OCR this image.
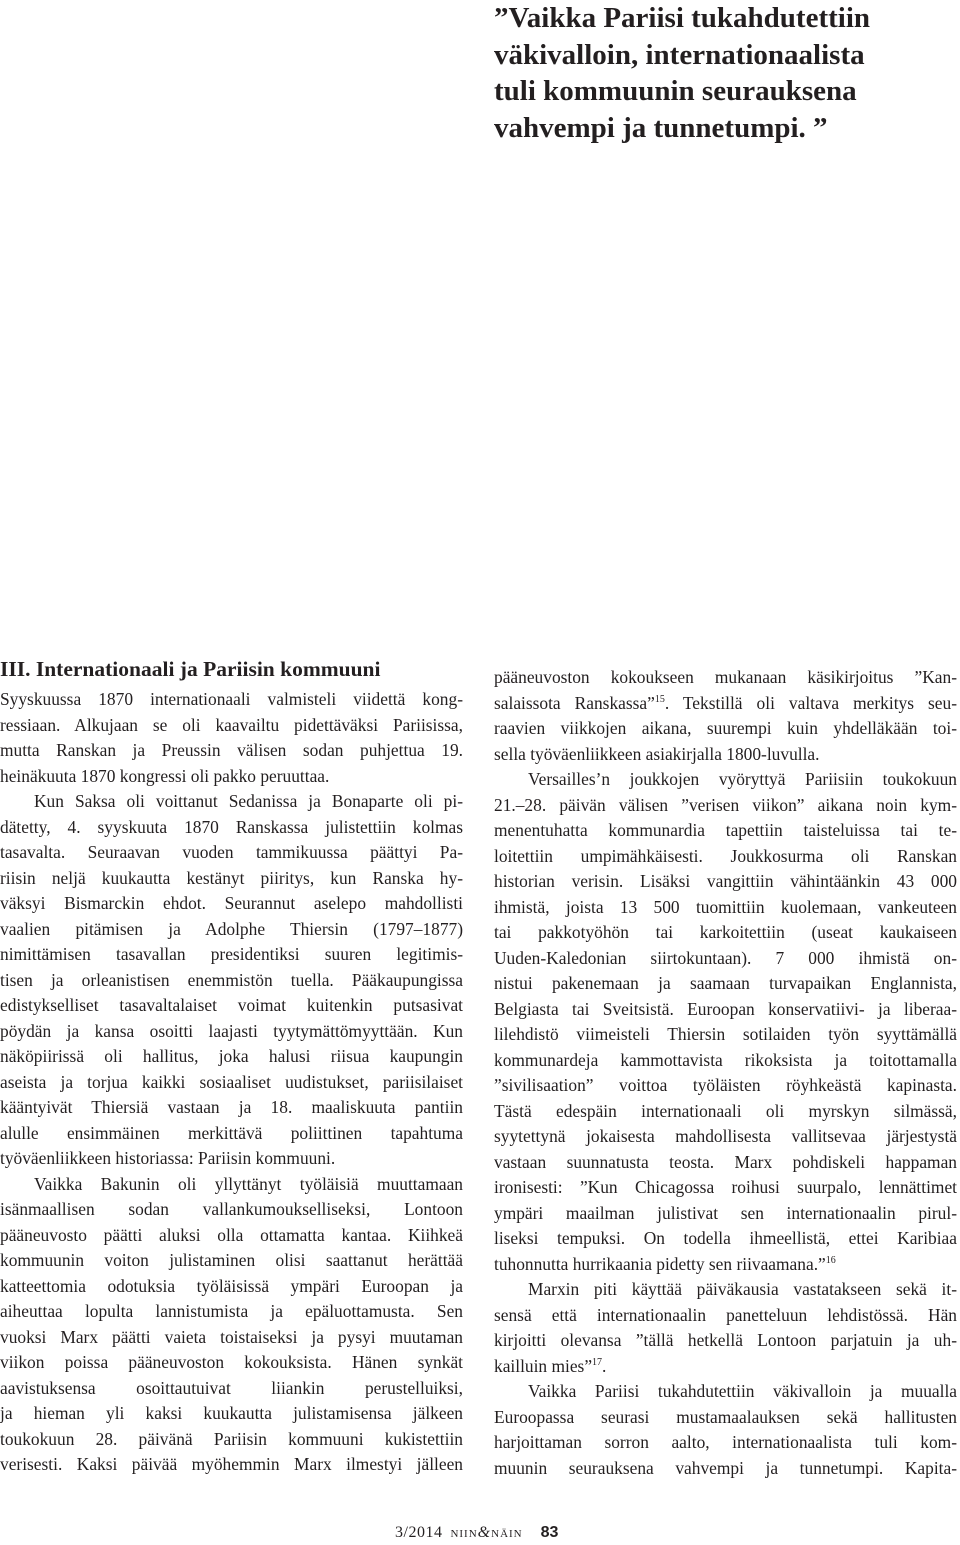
”Vaikka Pariisi tukahdutettiin
väkivalloin, internationaalista
tuli kommuunin seurauksena
vahvempi ja tunnetumpi. ”
III. Internationaali ja Pariisin kommuuni
Syyskuussa 1870 internationaali valmisteli viidettä kong-
ressiaan. Alkujaan se oli kaavailtu pidettäväksi Pariisissa,
mutta Ranskan ja Preussin välisen sodan puhjettua 19.
heinäkuuta 1870 kongressi oli pakko peruuttaa.
Kun Saksa oli voittanut Sedanissa ja Bonaparte oli pi-
dätetty, 4. syyskuuta 1870 Ranskassa julistettiin kolmas
tasavalta. Seuraavan vuoden tammikuussa päättyi Pa-
riisin neljä kuukautta kestänyt piiritys, kun Ranska hy-
väksyi Bismarckin ehdot. Seurannut aselepo mahdollisti
vaalien pitämisen ja Adolphe Thiersin (1797–1877)
nimittämisen tasavallan presidentiksi suuren legitimis-
tisen ja orleanistisen enemmistön tuella. Pääkaupungissa
edistykselliset tasavaltalaiset voimat kuitenkin putsasivat
pöydän ja kansa osoitti laajasti tyytymättömyyttään. Kun
näköpiirissä oli hallitus, joka halusi riisua kaupungin
aseista ja torjua kaikki sosiaaliset uudistukset, pariisilaiset
kääntyivät Thiersiä vastaan ja 18. maaliskuuta pantiin
alulle ensimmäinen merkittävä poliittinen tapahtuma
työväenliikkeen historiassa: Pariisin kommuuni.
Vaikka Bakunin oli yllyttänyt työläisiä muuttamaan
isänmaallisen sodan vallankumoukselliseksi, Lontoon
pääneuvosto päätti aluksi olla ottamatta kantaa. Kiihkeä
kommuunin voiton julistaminen olisi saattanut herättää
katteettomia odotuksia työläisissä ympäri Euroopan ja
aiheuttaa lopulta lannistumista ja epäluottamusta. Sen
vuoksi Marx päätti vaieta toistaiseksi ja pysyi muutaman
viikon poissa pääneuvoston kokouksista. Hänen synkät
aavistuksensa osoittautuivat liiankin perustelluiksi,
ja hieman yli kaksi kuukautta julistamisensa jälkeen
toukokuun 28. päivänä Pariisin kommuuni kukistettiin
verisesti. Kaksi päivää myöhemmin Marx ilmestyi jälleen
pääneuvoston kokoukseen mukanaan käsikirjoitus ”Kan-
salaissota Ranskassa”$^{15}$. Tekstillä oli valtava merkitys seu-
raavien viikkojen aikana, suurempi kuin yhdelläkään toi-
sella työväenliikkeen asiakirjalla 1800-luvulla.
Versailles’n joukkojen vyöryttyä Pariisiin toukokuun
21.–28. päivän välisen ”verisen viikon” aikana noin kym-
menentuhatta kommunardia tapettiin taisteluissa tai te-
loitettiin umpimähkäisesti. Joukkosurma oli Ranskan
historian verisin. Lisäksi vangittiin vähintäänkin 43 000
ihmistä, joista 13 500 tuomittiin kuolemaan, vankeuteen
tai pakkotyöhön tai karkoitettiin (useat kaukaiseen
Uuden-Kaledonian siirtokuntaan). 7 000 ihmistä on-
nistui pakenemaan ja saamaan turvapaikan Englannista,
Belgiasta tai Sveitsistä. Euroopan konservatiivi- ja liberaa-
lilehdistö viimeisteli Thiersin sotilaiden työn syyttämällä
kommunardeja kammottavista rikoksista ja toitottamalla
”sivilisaation” voittoa työläisten röyhkeästä kapinasta.
Tästä edespäin internationaali oli myrskyn silmässä,
syytettynä jokaisesta mahdollisesta vallitsevaa järjestystä
vastaan suunnatusta teosta. Marx pohdiskeli happaman
ironisesti: ”Kun Chicagossa roihusi suurpalo, lennättimet
ympäri maailman julistivat sen internationaalin pirul-
liseksi tempuksi. On todella ihmeellistä, ettei Karibiaa
tuhonnutta hurrikaania pidetty sen riivaamana.”$^{16}$
Marxin piti käyttää päiväkausia vastatakseen sekä it-
sensä että internationaalin panetteluun lehdistössä. Hän
kirjoitti olevansa ”tällä hetkellä Lontoon parjatuin ja uh-
kailluin mies”$^{17}$.
Vaikka Pariisi tukahdutettiin väkivalloin ja muualla
Euroopassa seurasi mustamaalauksen sekä hallitusten
harjoittaman sorron aalto, internationaalista tuli kom-
muunin seurauksena vahvempi ja tunnetumpi. Kapita-
3/2014 niin&näin 83
